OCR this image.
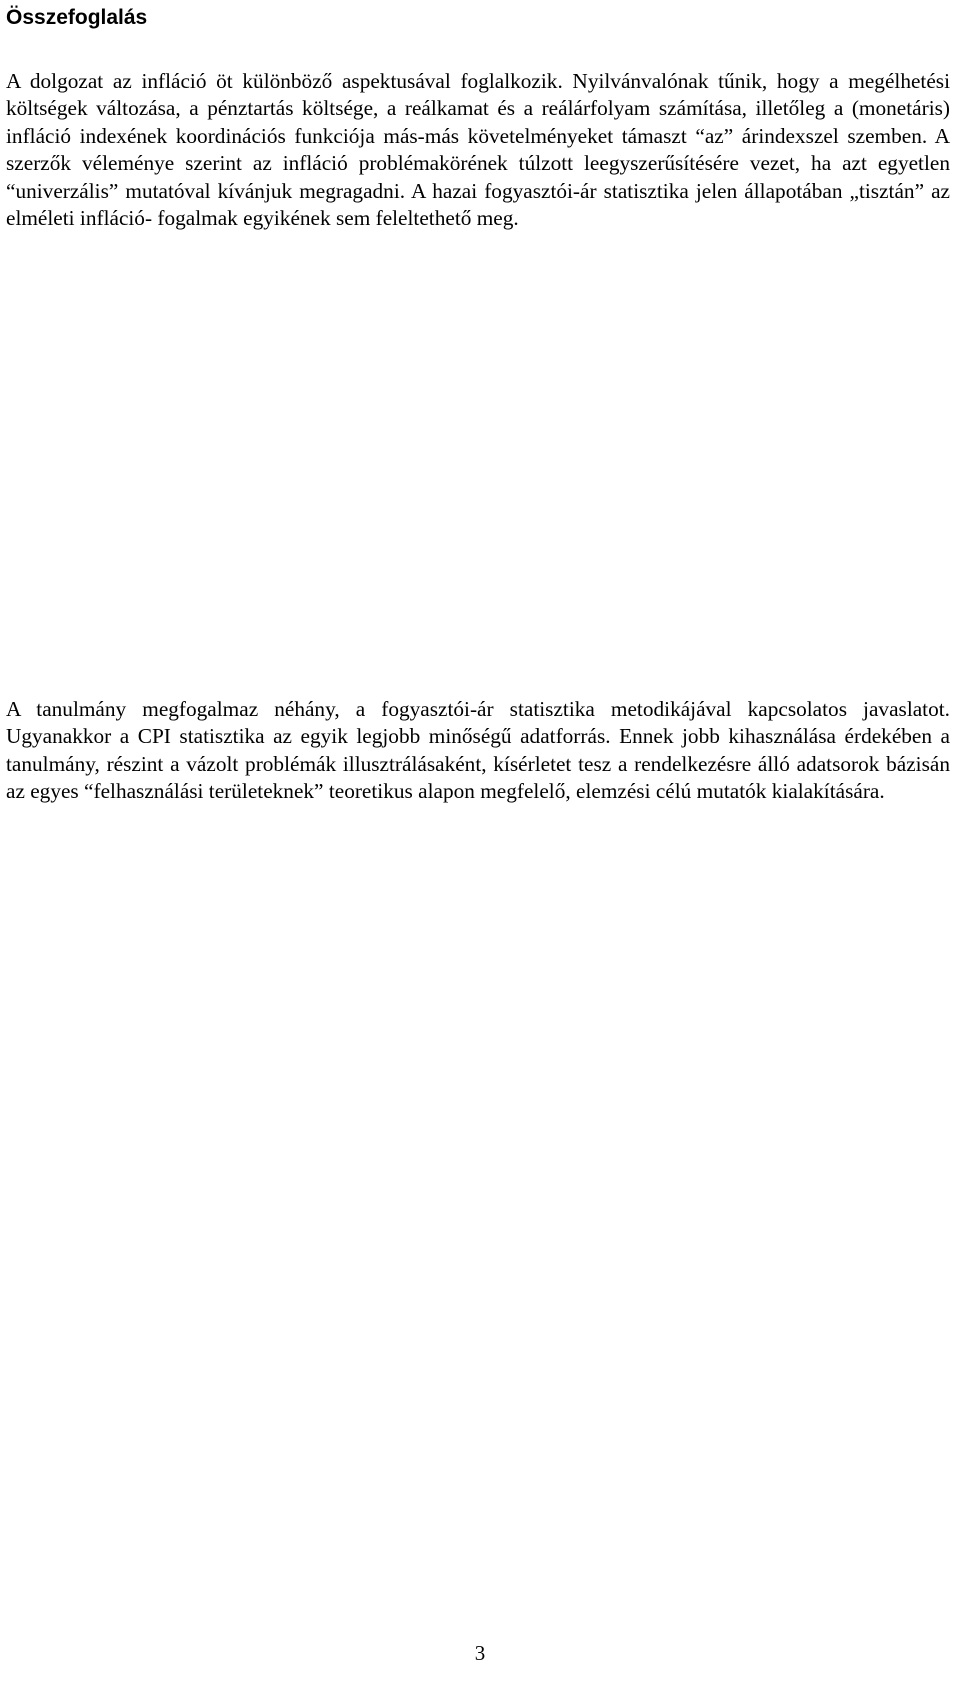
Összefoglalás

A dolgozat az infláció öt különböző aspektusával foglalkozik. Nyilvánvalónak tűnik, hogy a megélhetési költségek változása, a pénztartás költsége, a reálkamat és a reálárfolyam számítása, illetőleg a (monetáris) infláció indexének koordinációs funkciója más-más követelményeket támaszt “az” árindexszel szemben. A szerzők véleménye szerint az infláció problémakörének túlzott leegyszerűsítésére vezet, ha azt egyetlen “univerzális” mutatóval kívánjuk megragadni. A hazai fogyasztói-ár statisztika jelen állapotában „tisztán” az elméleti infláció- fogalmak egyikének sem feleltethető meg.

A tanulmány megfogalmaz néhány, a fogyasztói-ár statisztika metodikájával kapcsolatos javaslatot. Ugyanakkor a CPI statisztika az egyik legjobb minőségű adatforrás. Ennek jobb kihasználása érdekében a tanulmány, részint a vázolt problémák illusztrálásaként, kísérletet tesz a rendelkezésre álló adatsorok bázisán az egyes “felhasználási területeknek” teoretikus alapon megfelelő, elemzési célú mutatók kialakítására.

3
